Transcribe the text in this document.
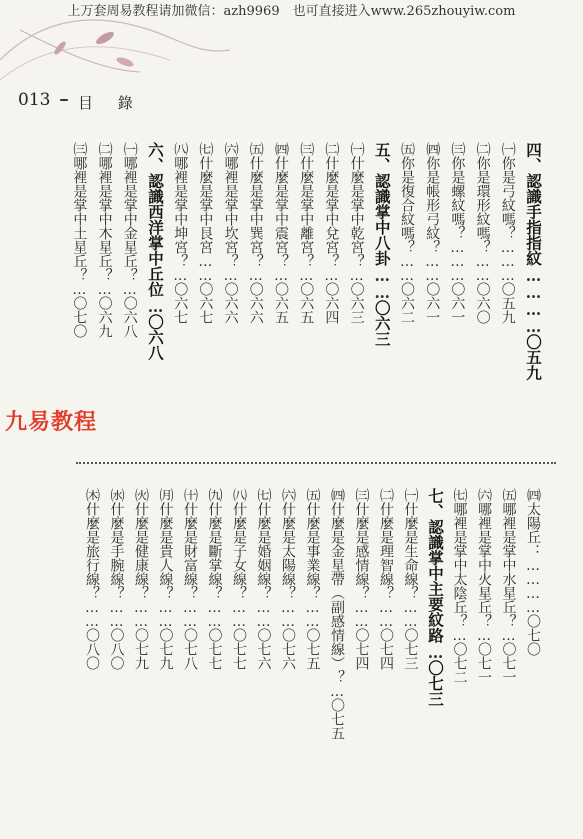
上万套周易教程请加微信：azh9969　也可直接进入www.265zhouyiw.com
013 目 錄
四、認識手指指紋…………〇五九
㈠你是弓紋嗎？………〇五九
㈡你是環形紋嗎？……〇六〇
㈢你是螺紋嗎？………〇六一
㈣你是帳形弓紋？……〇六一
㈤你是復合紋嗎？……〇六二
五、認識掌中八卦……〇六三
㈠什麼是掌中乾宮？…〇六三
㈡什麼是掌中兌宮？…〇六四
㈢什麼是掌中離宮？…〇六五
㈣什麼是掌中震宮？…〇六五
㈤什麼是掌中巽宮？…〇六六
㈥哪裡是掌中坎宮？…〇六六
㈦什麼是掌中艮宮……〇六七
㈧哪裡是掌中坤宮？…〇六七
六、認識西洋掌中丘位…〇六八
㈠哪裡是掌中金星丘？…〇六八
㈡哪裡是掌中木星丘？…〇六九
㈢哪裡是掌中土星丘？…〇七〇
㈣太陽丘：…………〇七〇
㈤哪裡是掌中水星丘？…〇七一
㈥哪裡是掌中火星丘？…〇七一
㈦哪裡是掌中太陰丘？…〇七二
七、認識掌中主要紋路…〇七三
㈠什麼是生命線？……〇七三
㈡什麼是理智線？……〇七四
㈢什麼是感情線？……〇七四
㈣什麼是金星帶（副感情線）？…〇七五
㈤什麼是事業線？……〇七五
㈥什麼是太陽線？……〇七六
㈦什麼是婚姻線？……〇七六
㈧什麼是子女線？……〇七七
㈨什麼是斷掌線？……〇七七
㈩什麼是財富線？……〇七八
㈪什麼是貴人線？……〇七九
㈫什麼是健康線？……〇七九
㈬什麼是手腕線？……〇八〇
㈭什麼是旅行線？……〇八〇
九易教程
